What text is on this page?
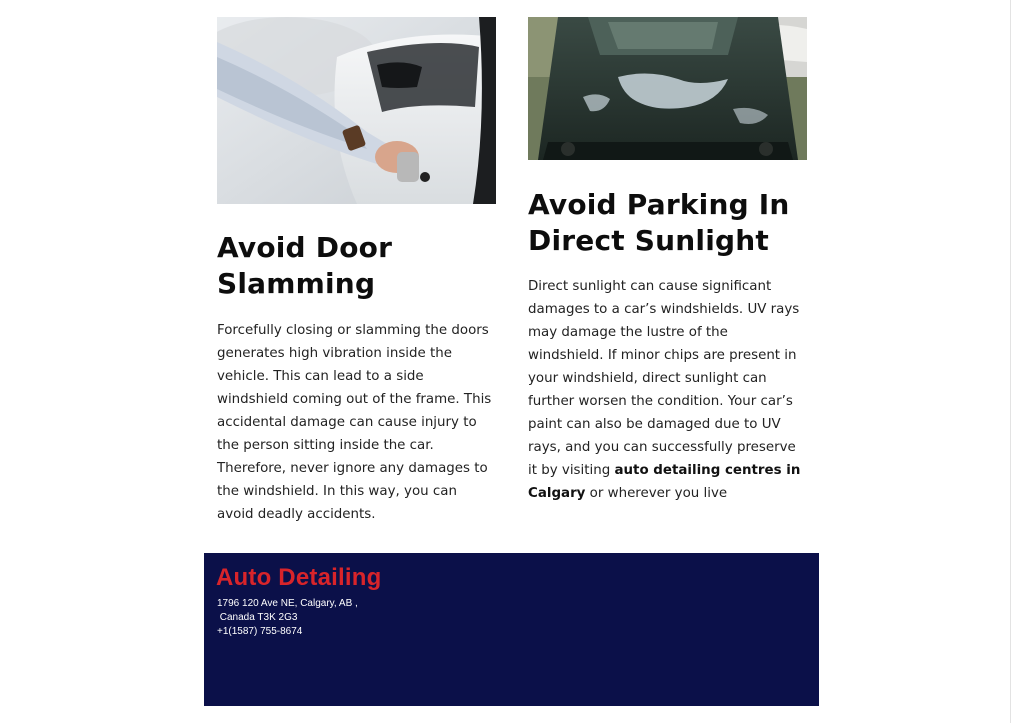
Avoid Door Slamming

Forcefully closing or slamming the doors generates high vibration inside the vehicle. This can lead to a side windshield coming out of the frame. This accidental damage can cause injury to the person sitting inside the car. Therefore, never ignore any damages to the windshield. In this way, you can avoid deadly accidents.

Avoid Parking In Direct Sunlight

Direct sunlight can cause significant damages to a car’s windshields. UV rays may damage the lustre of the windshield. If minor chips are present in your windshield, direct sunlight can further worsen the condition. Your car’s paint can also be damaged due to UV rays, and you can successfully preserve it by visiting auto detailing centres in Calgary or wherever you live

Auto Detailing
1796 120 Ave NE, Calgary, AB ,
Canada T3K 2G3
+1(1587) 755-8674
